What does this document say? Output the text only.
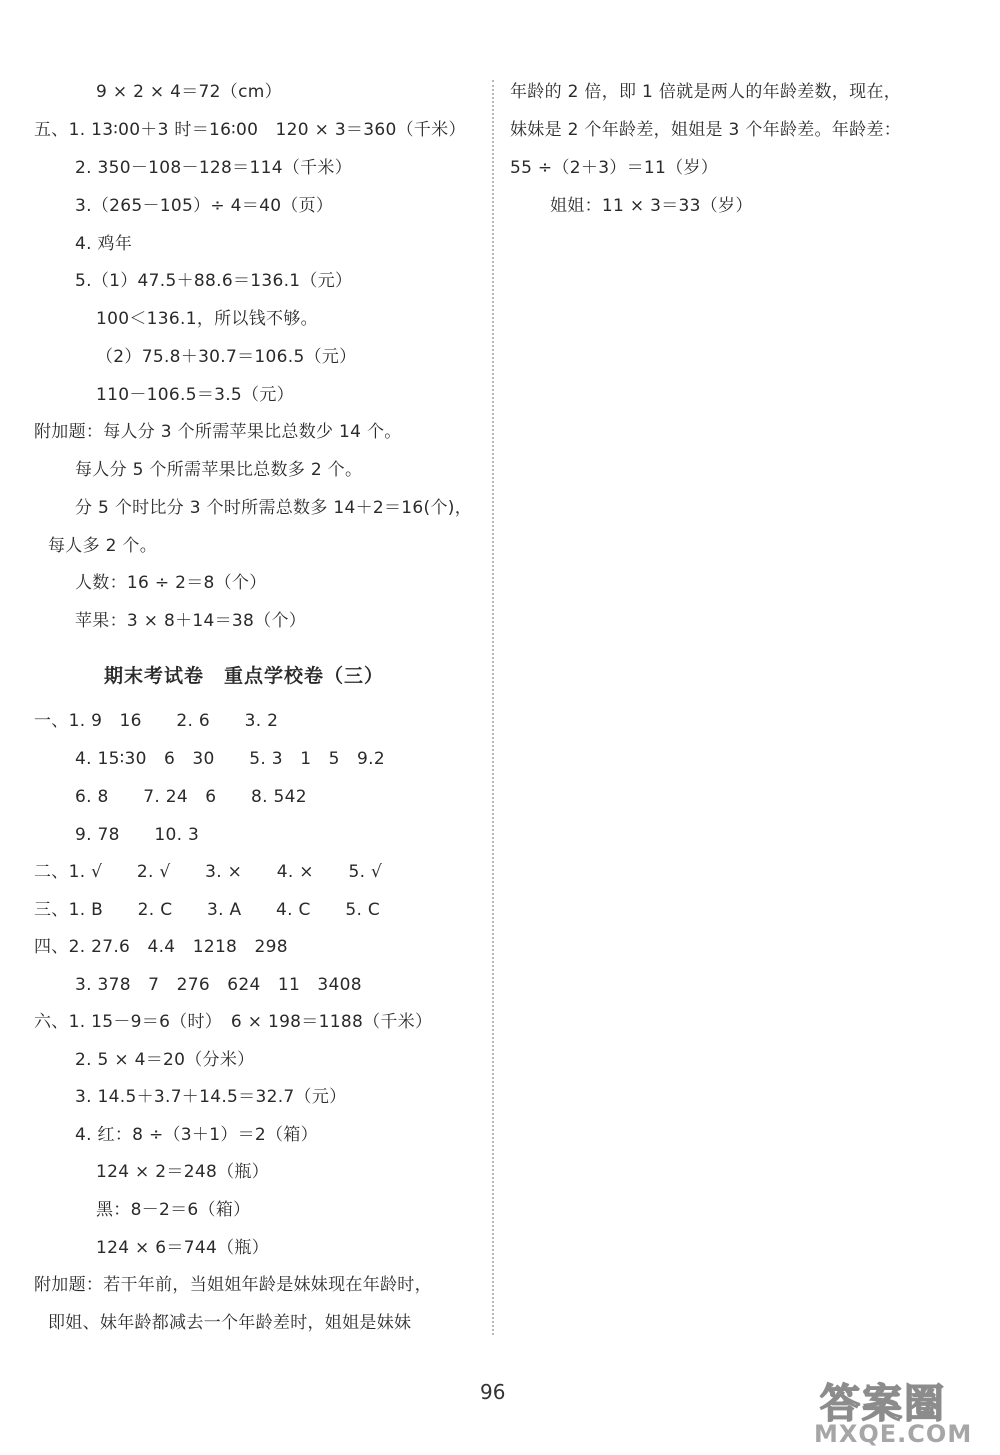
9 × 2 × 4＝72（cm）
五、1. 13∶00＋3 时＝16∶00　120 × 3＝360（千米）
2. 350－108－128＝114（千米）
3.（265－105）÷ 4＝40（页）
4. 鸡年
5.（1）47.5＋88.6＝136.1（元）
100＜136.1，所以钱不够。
（2）75.8＋30.7＝106.5（元）
110－106.5＝3.5（元）
附加题：每人分 3 个所需苹果比总数少 14 个。
每人分 5 个所需苹果比总数多 2 个。
分 5 个时比分 3 个时所需总数多 14＋2＝16(个)，
每人多 2 个。
人数：16 ÷ 2＝8（个）
苹果：3 × 8＋14＝38（个）
期末考试卷　重点学校卷（三）
一、1. 9　16　　2. 6　　3. 2
4. 15∶30　6　30　　5. 3　1　5　9.2
6. 8　　7. 24　6　　8. 542
9. 78　　10. 3
二、1. √　　2. √　　3. ×　　4. ×　　5. √
三、1. B　　2. C　　3. A　　4. C　　5. C
四、2. 27.6　4.4　1218　298
3. 378　7　276　624　11　3408
六、1. 15－9＝6（时）　6 × 198＝1188（千米）
2. 5 × 4＝20（分米）
3. 14.5＋3.7＋14.5＝32.7（元）
4. 红：8 ÷（3＋1）＝2（箱）
124 × 2＝248（瓶）
黑：8－2＝6（箱）
124 × 6＝744（瓶）
附加题：若干年前，当姐姐年龄是妹妹现在年龄时，
即姐、妹年龄都减去一个年龄差时，姐姐是妹妹
年龄的 2 倍，即 1 倍就是两人的年龄差数，现在，
妹妹是 2 个年龄差，姐姐是 3 个年龄差。年龄差：
55 ÷（2＋3）＝11（岁）
姐姐：11 × 3＝33（岁）
96	答案圈
MXQE.COM
